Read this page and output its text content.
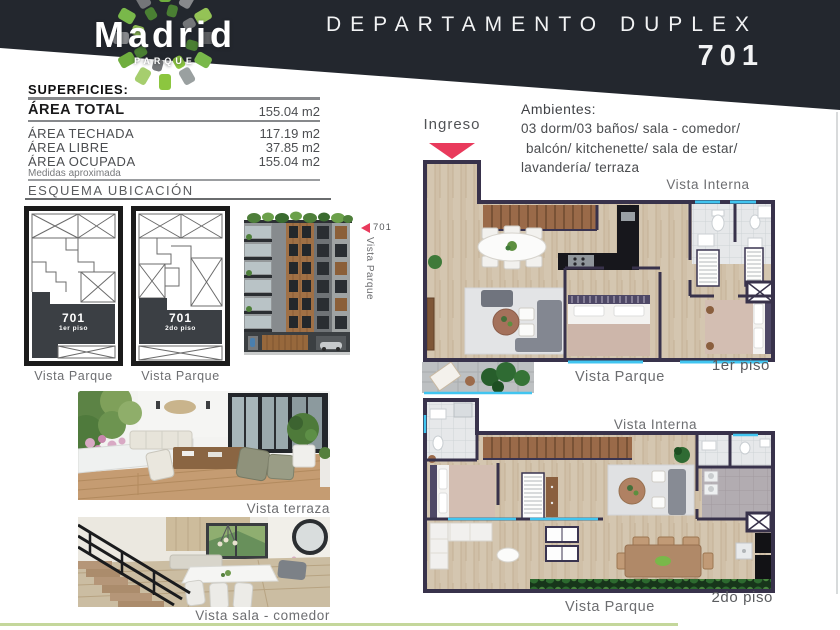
Madrid
PARQUE
DEPARTAMENTO DUPLEX
701
SUPERFICIES:
ÁREA TOTAL	155.04 m2
ÁREA TECHADA	117.19 m2
ÁREA LIBRE	37.85 m2
ÁREA OCUPADA	155.04 m2
Medidas aproximada
ESQUEMA UBICACIÓN
701
1er piso
Vista Parque
701
2do piso
Vista Parque
701
Vista Parque
Vista terraza
Vista sala - comedor
Ambientes:
03 dorm/03 baños/ sala - comedor/
balcón/ kitchenette/ sala de estar/
lavandería/ terraza
Ingreso
Vista Interna
Vista Parque
1er piso
Vista Interna
Vista Parque
2do piso
